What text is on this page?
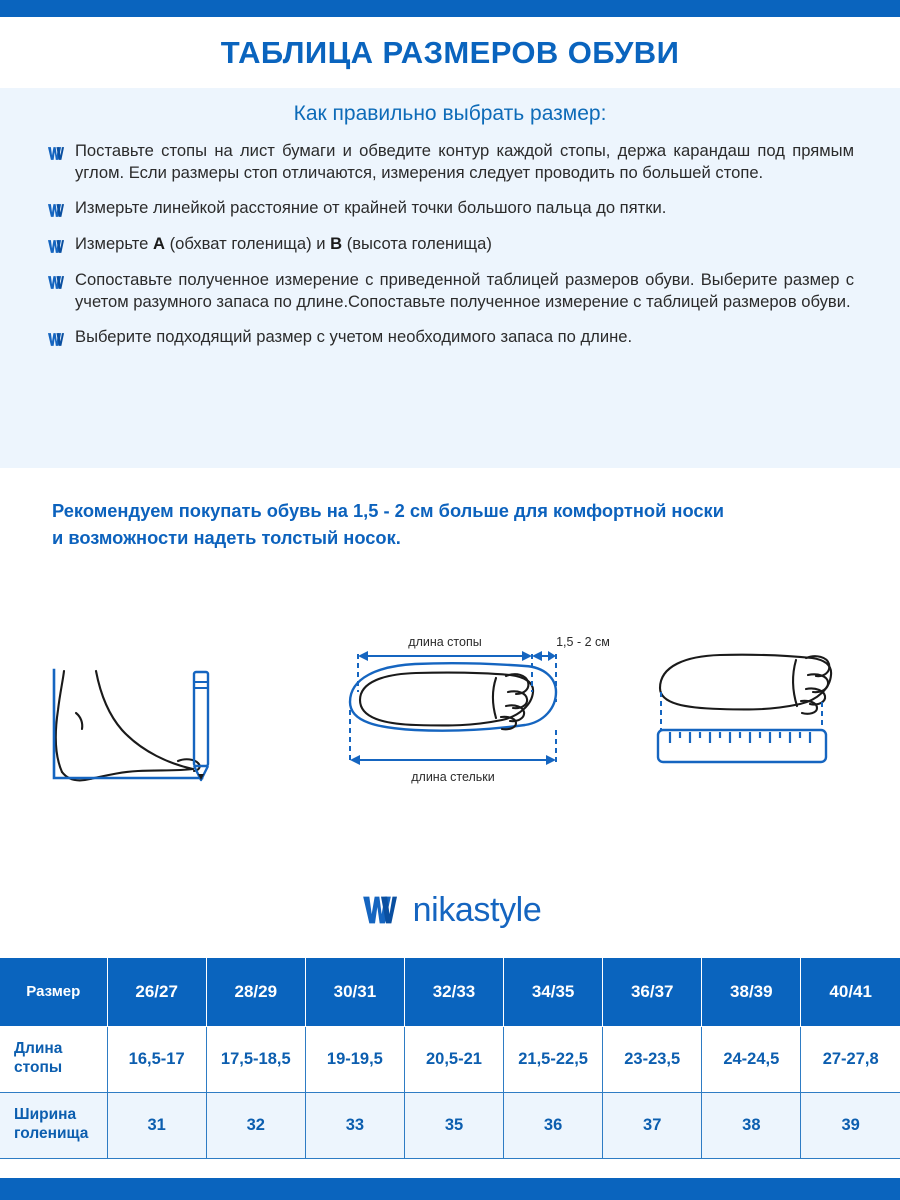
ТАБЛИЦА РАЗМЕРОВ ОБУВИ
Как правильно выбрать размер:
Поставьте стопы на лист бумаги и обведите контур каждой стопы, держа карандаш под прямым углом. Если размеры стоп отличаются, измерения следует проводить по большей стопе.
Измерьте линейкой расстояние от крайней точки большого пальца до пятки.
Измерьте А (обхват голенища) и В (высота голенища)
Сопоставьте полученное измерение с приведенной таблицей размеров обуви. Выберите размер с учетом разумного запаса по длине.Сопоставьте полученное измерение с таблицей размеров обуви.
Выберите подходящий размер с учетом необходимого запаса по длине.
Рекомендуем покупать обувь на 1,5 - 2 см больше для комфортной носки
и возможности надеть толстый носок.
длина стопы	1,5 - 2 см
длина стельки
nikastyle
Размер	26/27	28/29	30/31	32/33	34/35	36/37	38/39	40/41
Длина
стопы	16,5-17	17,5-18,5	19-19,5	20,5-21	21,5-22,5	23-23,5	24-24,5	27-27,8
Ширина
голенища	31	32	33	35	36	37	38	39
